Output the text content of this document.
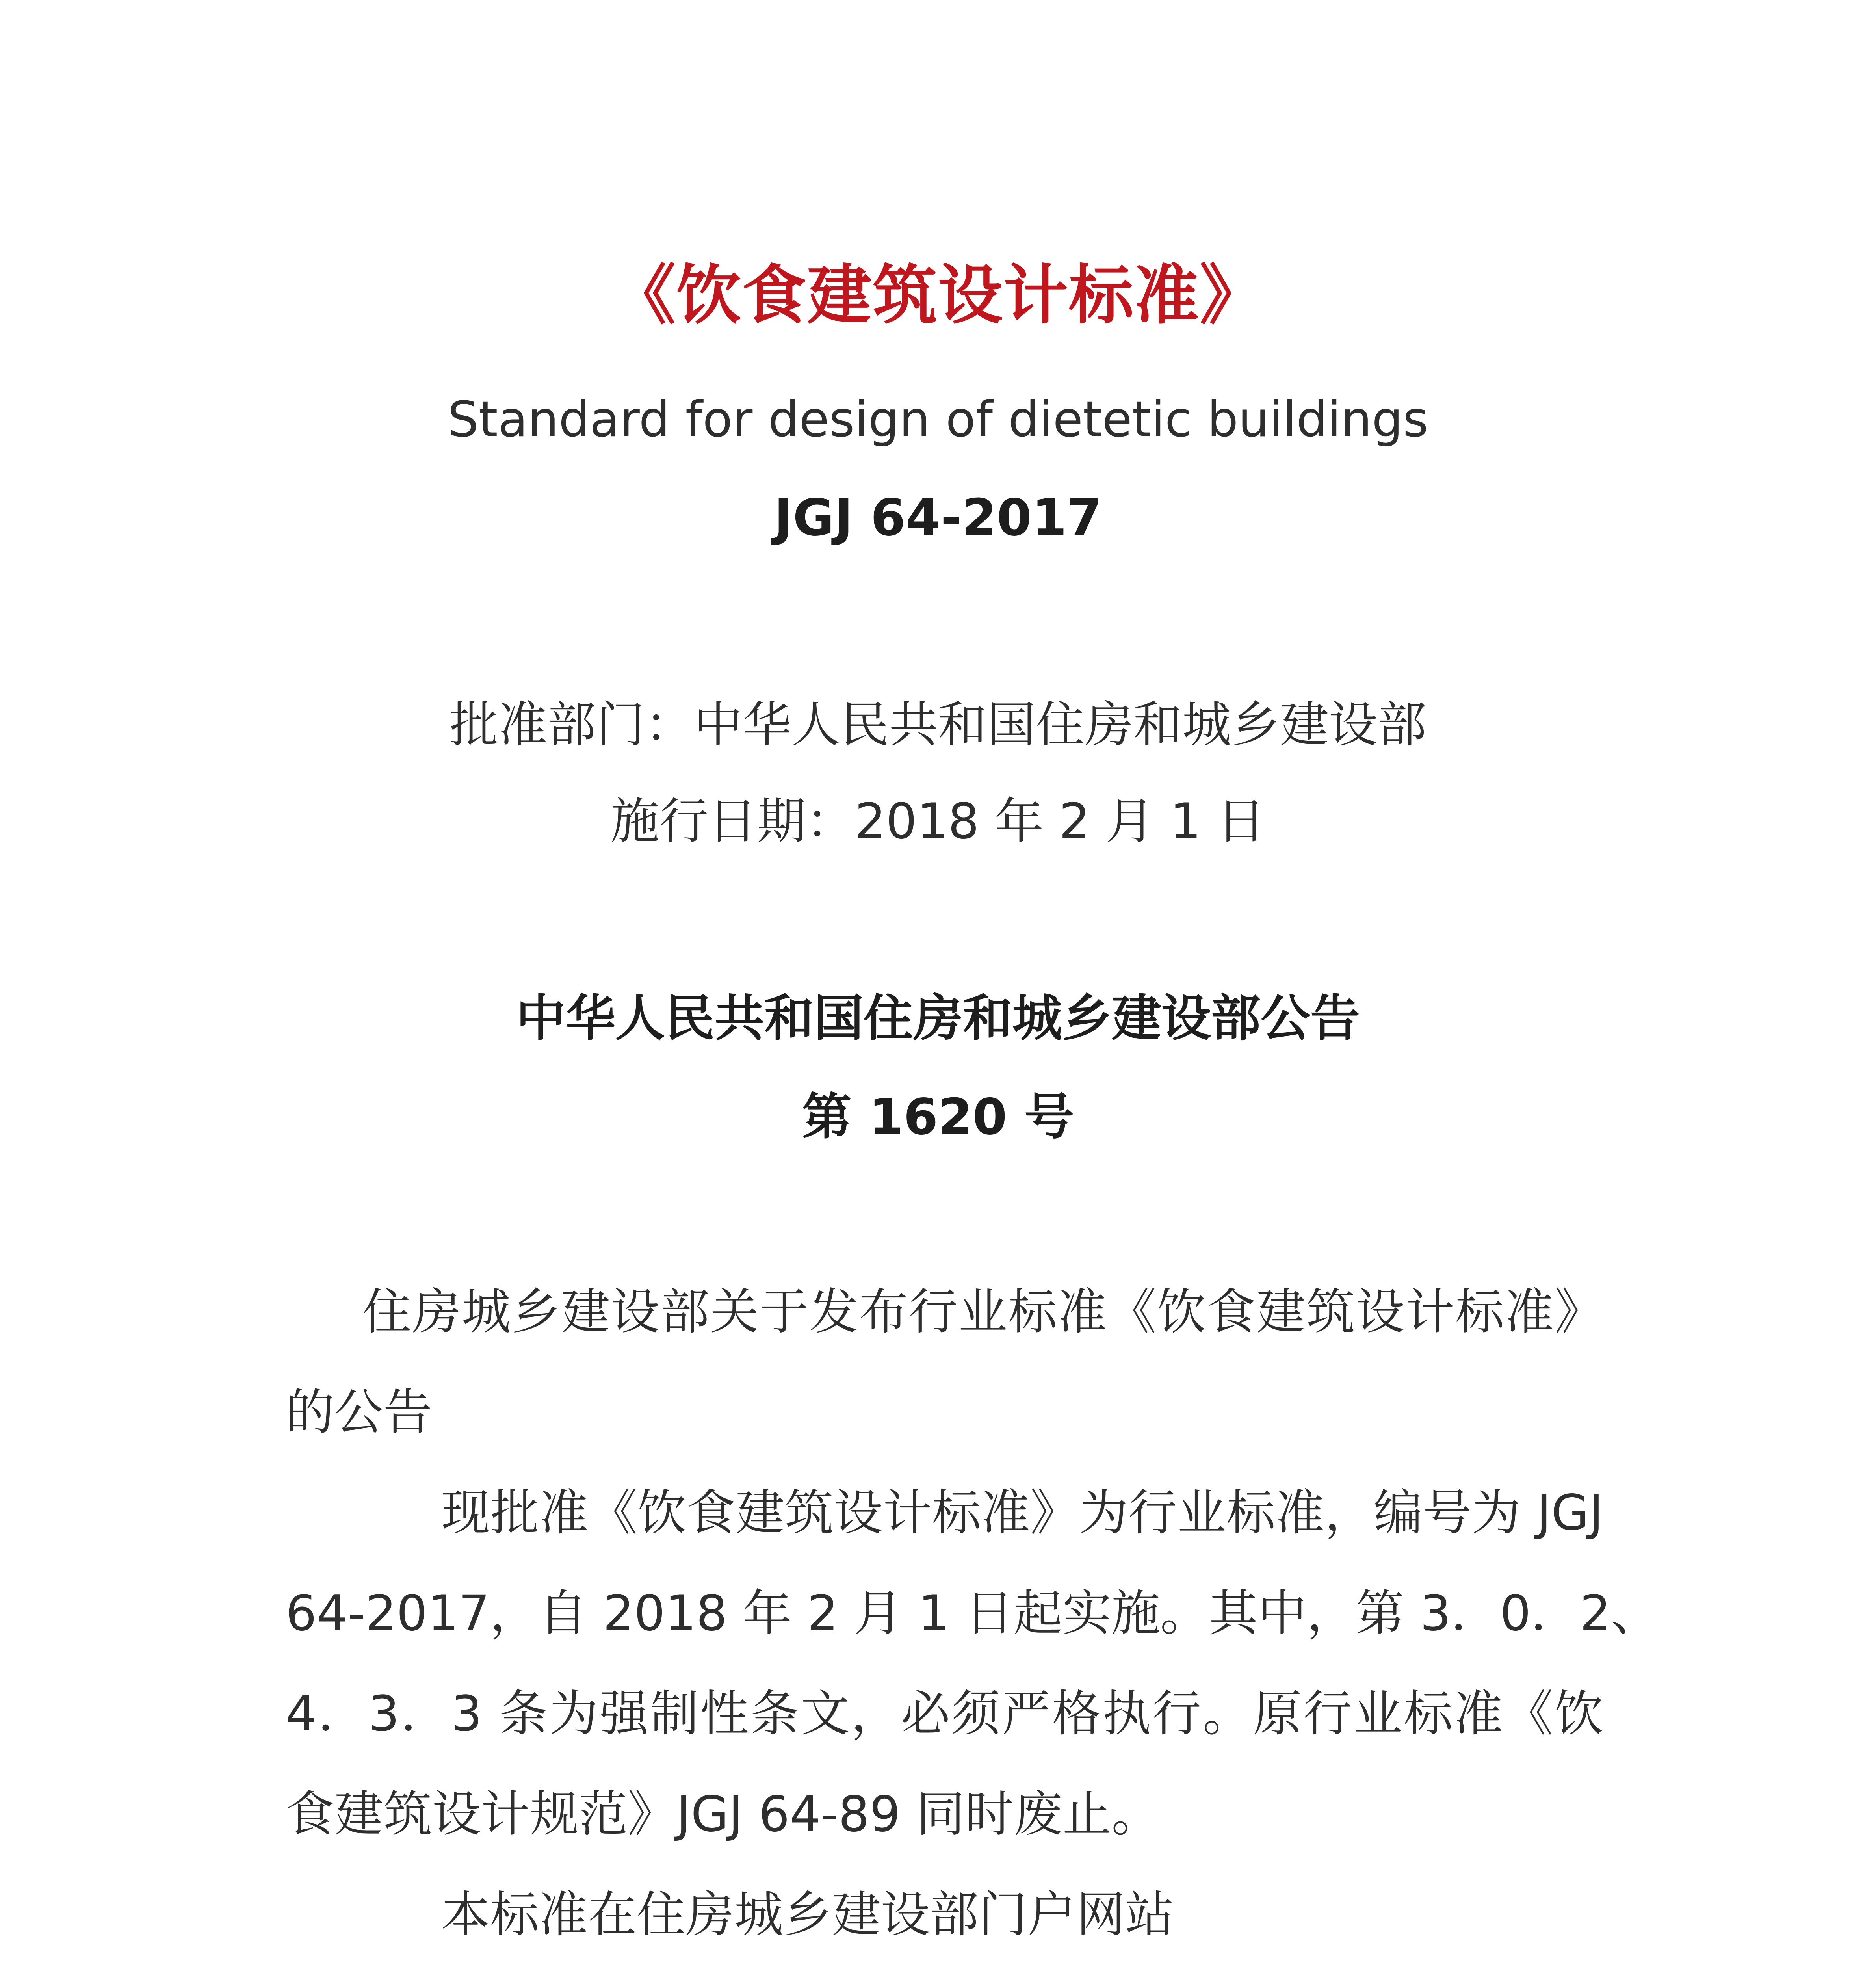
《饮食建筑设计标准》
Standard for design of dietetic buildings
JGJ 64-2017
批准部门：中华人民共和国住房和城乡建设部
施行日期：2018 年 2 月 1 日
中华人民共和国住房和城乡建设部公告
第 1620 号
住房城乡建设部关于发布行业标准《饮食建筑设计标准》
的公告
现批准《饮食建筑设计标准》为行业标准，编号为 JGJ
64-2017，自 2018 年 2 月 1 日起实施。其中，第 3．0．2、
4．3．3 条为强制性条文，必须严格执行。原行业标准《饮
食建筑设计规范》JGJ 64-89 同时废止。
本标准在住房城乡建设部门户网站
